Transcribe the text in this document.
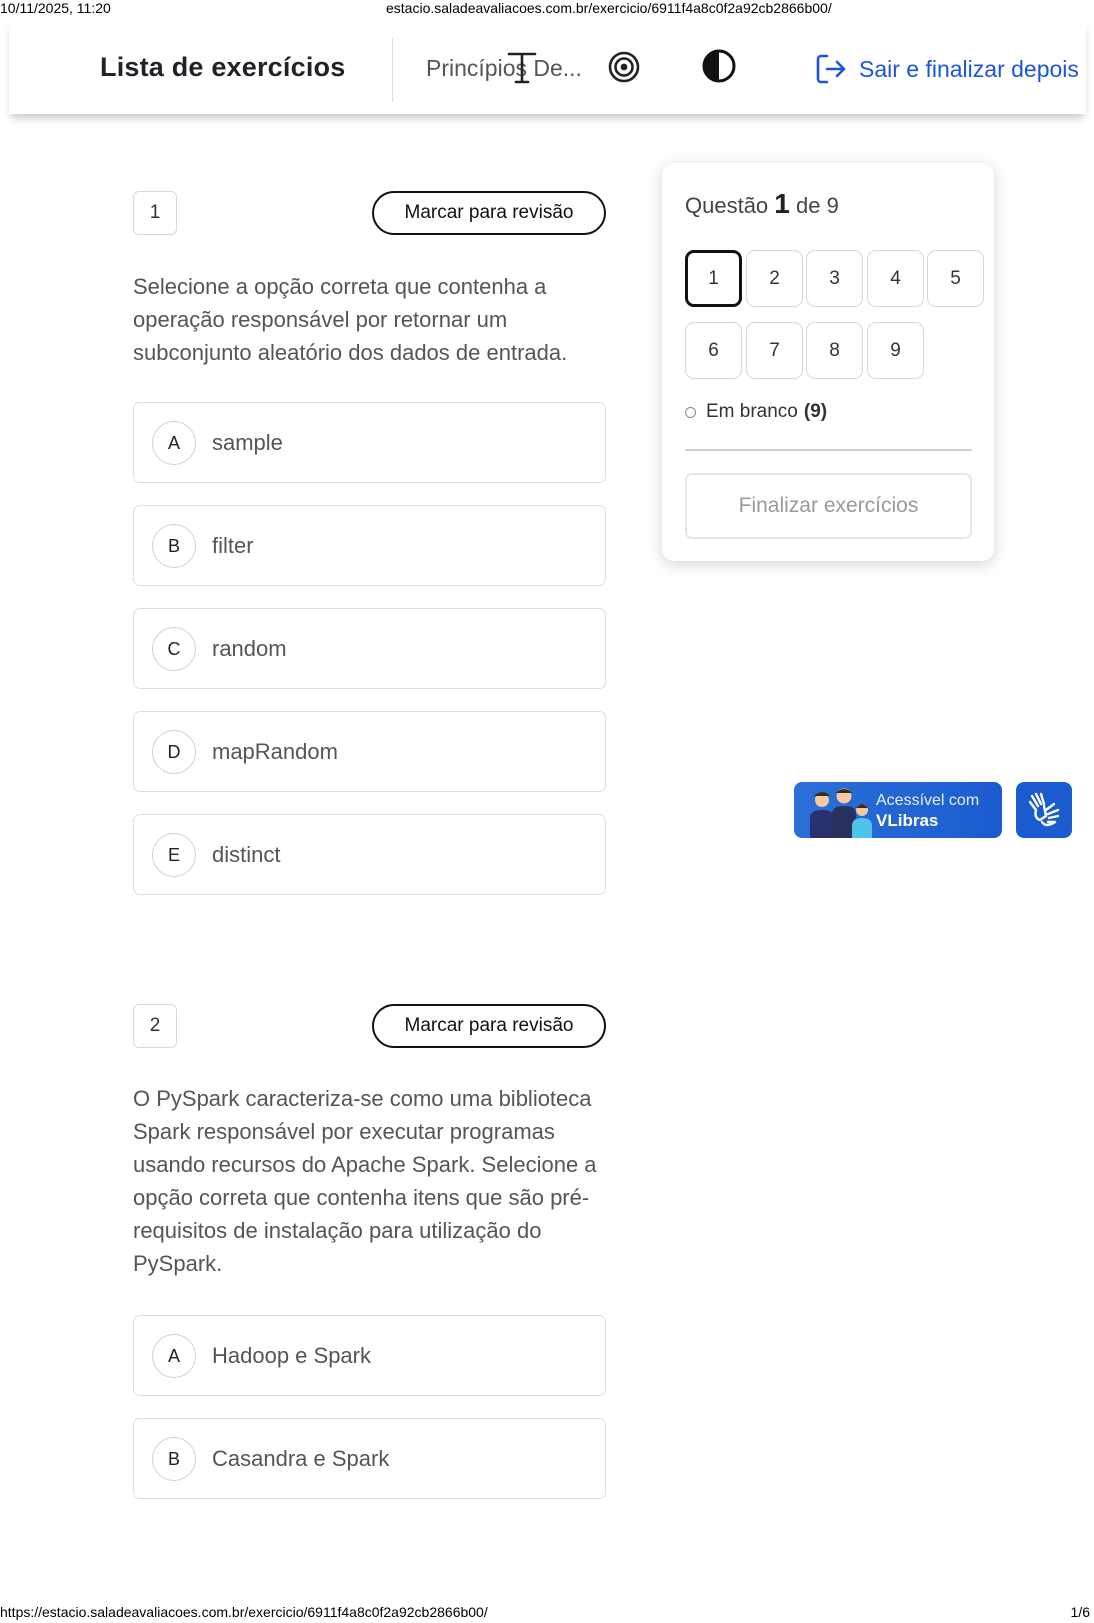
10/11/2025, 11:20	estacio.saladeavaliacoes.com.br/exercicio/6911f4a8c0f2a92cb2866b00/
Lista de exercícios	Princípios De...	Sair e finalizar depois
1	Marcar para revisão
Selecione a opção correta que contenha a operação responsável por retornar um subconjunto aleatório dos dados de entrada.
A	sample
B	filter
C	random
D	mapRandom
E	distinct
2	Marcar para revisão
O PySpark caracteriza-se como uma biblioteca Spark responsável por executar programas usando recursos do Apache Spark. Selecione a opção correta que contenha itens que são pré-requisitos de instalação para utilização do PySpark.
A	Hadoop e Spark
B	Casandra e Spark
Questão 1 de 9
1	2	3	4	5
6	7	8	9
Em branco (9)
Finalizar exercícios
Acessível com
VLibras
https://estacio.saladeavaliacoes.com.br/exercicio/6911f4a8c0f2a92cb2866b00/	1/6
